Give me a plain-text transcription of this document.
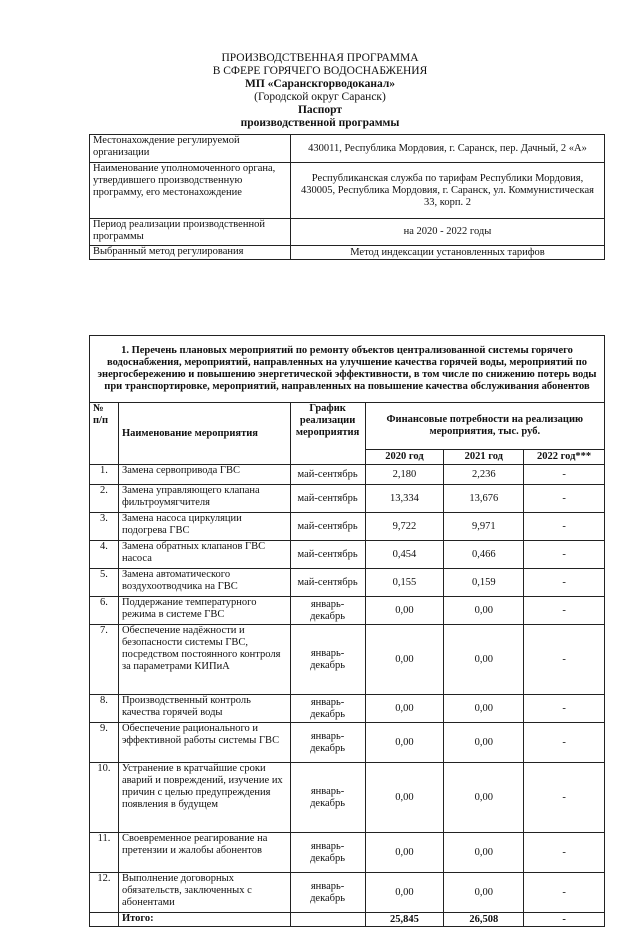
ПРОИЗВОДСТВЕННАЯ ПРОГРАММА
В СФЕРЕ ГОРЯЧЕГО ВОДОСНАБЖЕНИЯ
МП «Саранскгорводоканал»
(Городской округ Саранск)
Паспорт
производственной программы
Местонахождение регулируемой организации	430011, Республика Мордовия, г. Саранск, пер. Дачный, 2 «А»
Наименование уполномоченного органа, утвердившего производственную программу, его местонахождение	Республиканская служба по тарифам Республики Мордовия, 430005, Республика Мордовия, г. Саранск, ул. Коммунистическая 33, корп. 2
Период реализации производственной программы	на 2020 - 2022 годы
Выбранный метод регулирования	Метод индексации установленных тарифов
1. Перечень плановых мероприятий по ремонту объектов централизованной системы горячего водоснабжения, мероприятий, направленных на улучшение качества горячей воды, мероприятий по энергосбережению и повышению энергетической эффективности, в том числе по снижению потерь воды при транспортировке, мероприятий, направленных на повышение качества обслуживания абонентов					
№ п/п	Наименование мероприятия	График реализации мероприятия	Финансовые потребности на реализацию мероприятия, тыс. руб.		
			2020 год	2021 год	2022 год***
1.	Замена сервопривода ГВС	май-сентябрь	2,180	2,236	-
2.	Замена управляющего клапана фильтроумягчителя	май-сентябрь	13,334	13,676	-
3.	Замена насоса циркуляции подогрева ГВС	май-сентябрь	9,722	9,971	-
4.	Замена обратных клапанов ГВС насоса	май-сентябрь	0,454	0,466	-
5.	Замена автоматического воздухоотводчика на ГВС	май-сентябрь	0,155	0,159	-
6.	Поддержание температурного режима в системе ГВС	январь-декабрь	0,00	0,00	-
7.	Обеспечение надёжности и безопасности системы ГВС, посредством постоянного контроля за параметрами КИПиА	январь-декабрь	0,00	0,00	-
8.	Производственный контроль качества горячей воды	январь-декабрь	0,00	0,00	-
9.	Обеспечение рационального и эффективной работы системы ГВС	январь-декабрь	0,00	0,00	-
10.	Устранение в кратчайшие сроки аварий и повреждений, изучение их причин с целью предупреждения появления в будущем	январь-декабрь	0,00	0,00	-
11.	Своевременное реагирование на претензии и жалобы абонентов	январь-декабрь	0,00	0,00	-
12.	Выполнение договорных обязательств, заключенных с абонентами	январь-декабрь	0,00	0,00	-
	Итого:		25,845	26,508	-
